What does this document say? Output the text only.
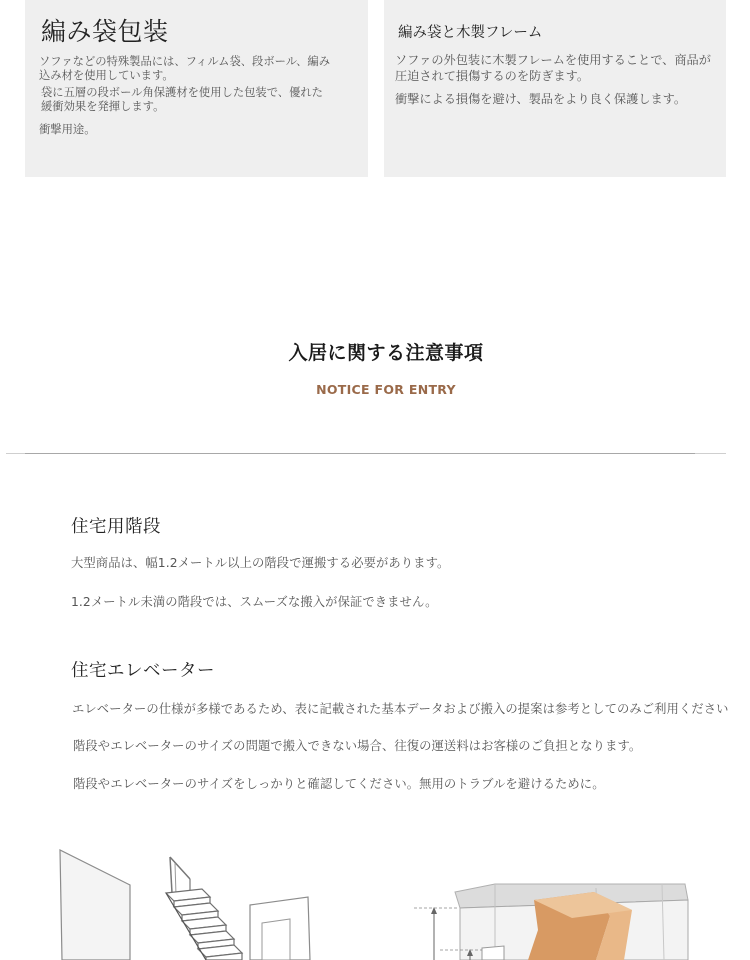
編み袋包装
ソファなどの特殊製品には、フィルム袋、段ボール、編み
込み材を使用しています。
袋に五層の段ボール角保護材を使用した包装で、優れた
緩衝効果を発揮します。
衝撃用途。
編み袋と木製フレーム
ソファの外包装に木製フレームを使用することで、商品が
圧迫されて損傷するのを防ぎます。
衝撃による損傷を避け、製品をより良く保護します。
入居に関する注意事項
NOTICE FOR ENTRY
住宅用階段
大型商品は、幅1.2メートル以上の階段で運搬する必要があります。
1.2メートル未満の階段では、スムーズな搬入が保証できません。
住宅エレベーター
エレベーターの仕様が多様であるため、表に記載された基本データおよび搬入の提案は参考としてのみご利用ください
階段やエレベーターのサイズの問題で搬入できない場合、往復の運送料はお客様のご負担となります。
階段やエレベーターのサイズをしっかりと確認してください。無用のトラブルを避けるために。
